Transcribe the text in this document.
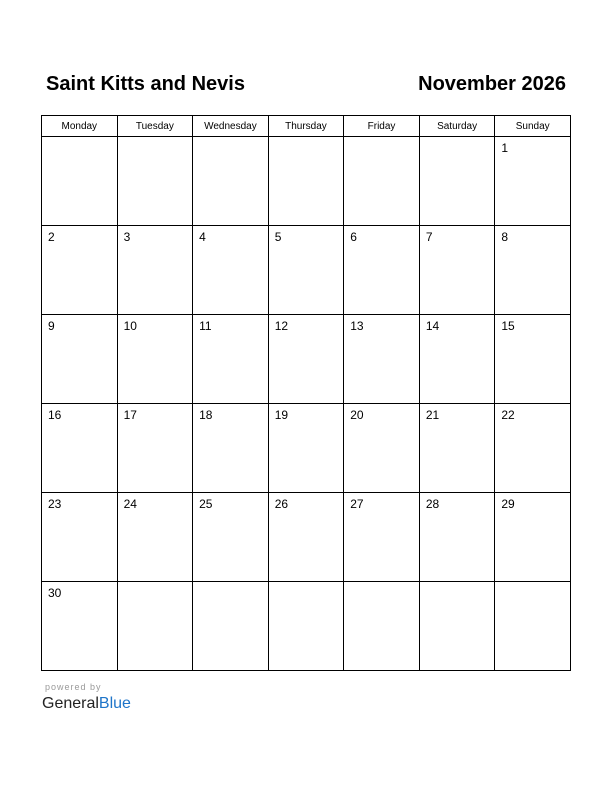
Saint Kitts and Nevis	November 2026
Monday	Tuesday	Wednesday	Thursday	Friday	Saturday	Sunday

						1

2	3	4	5	6	7	8

9	10	11	12	13	14	15

16	17	18	19	20	21	22

23	24	25	26	27	28	29

30						

powered by
GeneralBlue
